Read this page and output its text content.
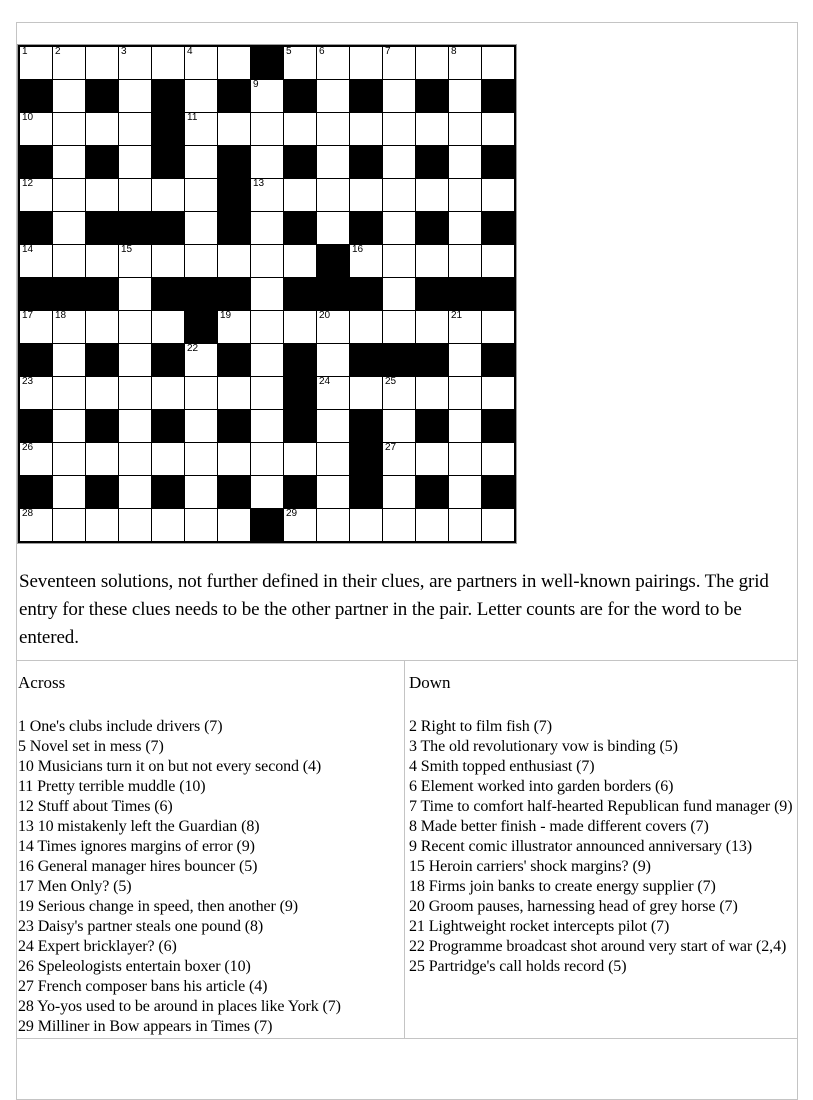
1	2	3	4	5	6	7	8
9
10	11
12	13
14	15	16
17 18	19	20	21
22
23	24	25
26	27
28	29

Seventeen solutions, not further defined in their clues, are partners in well-known pairings. The grid entry for these clues needs to be the other partner in the pair. Letter counts are for the word to be entered.

Across
1 One's clubs include drivers (7)
5 Novel set in mess (7)
10 Musicians turn it on but not every second (4)
11 Pretty terrible muddle (10)
12 Stuff about Times (6)
13 10 mistakenly left the Guardian (8)
14 Times ignores margins of error (9)
16 General manager hires bouncer (5)
17 Men Only? (5)
19 Serious change in speed, then another (9)
23 Daisy's partner steals one pound (8)
24 Expert bricklayer? (6)
26 Speleologists entertain boxer (10)
27 French composer bans his article (4)
28 Yo-yos used to be around in places like York (7)
29 Milliner in Bow appears in Times (7)
Down
2 Right to film fish (7)
3 The old revolutionary vow is binding (5)
4 Smith topped enthusiast (7)
6 Element worked into garden borders (6)
7 Time to comfort half-hearted Republican fund manager (9)
8 Made better finish - made different covers (7)
9 Recent comic illustrator announced anniversary (13)
15 Heroin carriers' shock margins? (9)
18 Firms join banks to create energy supplier (7)
20 Groom pauses, harnessing head of grey horse (7)
21 Lightweight rocket intercepts pilot (7)
22 Programme broadcast shot around very start of war (2,4)
25 Partridge's call holds record (5)
